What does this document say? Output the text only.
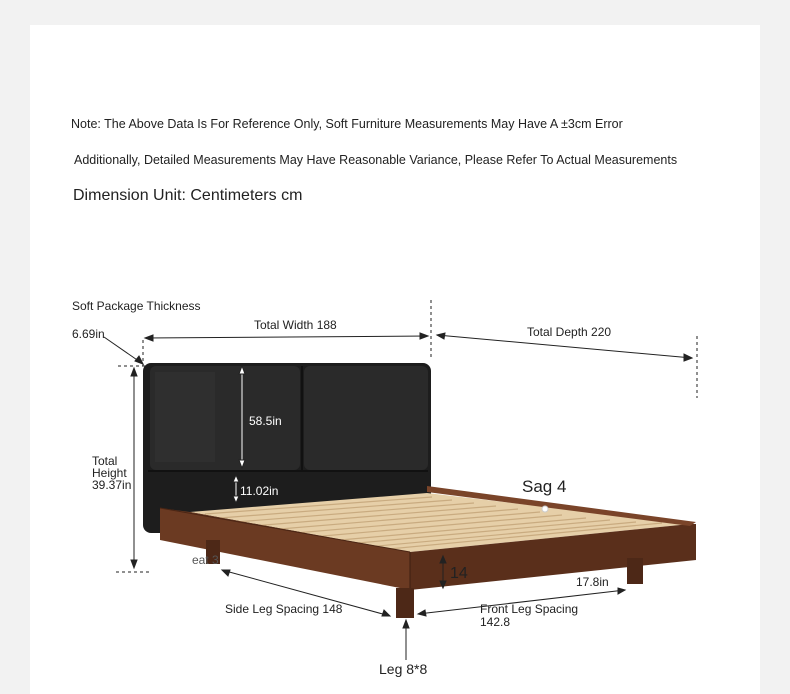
Note: The Above Data Is For Reference Only, Soft Furniture Measurements May Have A ±3cm Error
Additionally, Detailed Measurements May Have Reasonable Variance, Please Refer To Actual Measurements
Dimension Unit: Centimeters cm
Soft Package Thickness
6.69in
Total Width 188	Total Depth 220
58.5in
11.02in
Total
Height
39.37in	Sag 4
eat 3
14	17.8in
Side Leg Spacing 148	Front Leg Spacing
142.8
Leg 8*8
